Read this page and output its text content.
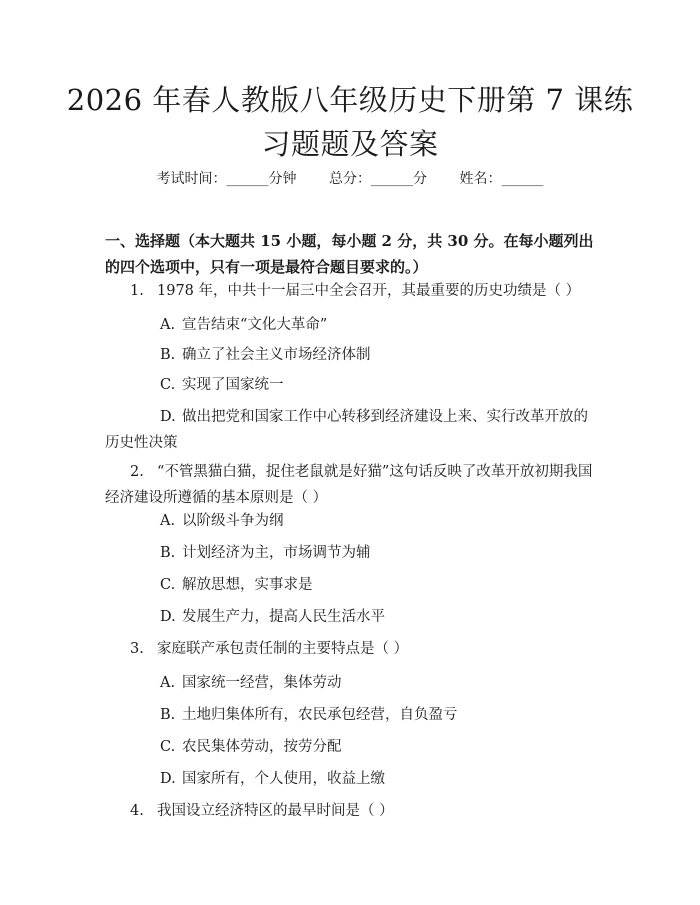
2026 年春人教版八年级历史下册第 7 课练习题题及答案
考试时间：______分钟 总分：______分 姓名：______
一、选择题（本大题共 15 小题，每小题 2 分，共 30 分。在每小题列出的四个选项中，只有一项是最符合题目要求的。）
1. 1978 年，中共十一届三中全会召开，其最重要的历史功绩是（ ）
A. 宣告结束“文化大革命”
B. 确立了社会主义市场经济体制
C. 实现了国家统一
D. 做出把党和国家工作中心转移到经济建设上来、实行改革开放的历史性决策
2. “不管黑猫白猫，捉住老鼠就是好猫”这句话反映了改革开放初期我国经济建设所遵循的基本原则是（ ）
A. 以阶级斗争为纲
B. 计划经济为主，市场调节为辅
C. 解放思想，实事求是
D. 发展生产力，提高人民生活水平
3. 家庭联产承包责任制的主要特点是（ ）
A. 国家统一经营，集体劳动
B. 土地归集体所有，农民承包经营，自负盈亏
C. 农民集体劳动，按劳分配
D. 国家所有，个人使用，收益上缴
4. 我国设立经济特区的最早时间是（ ）
